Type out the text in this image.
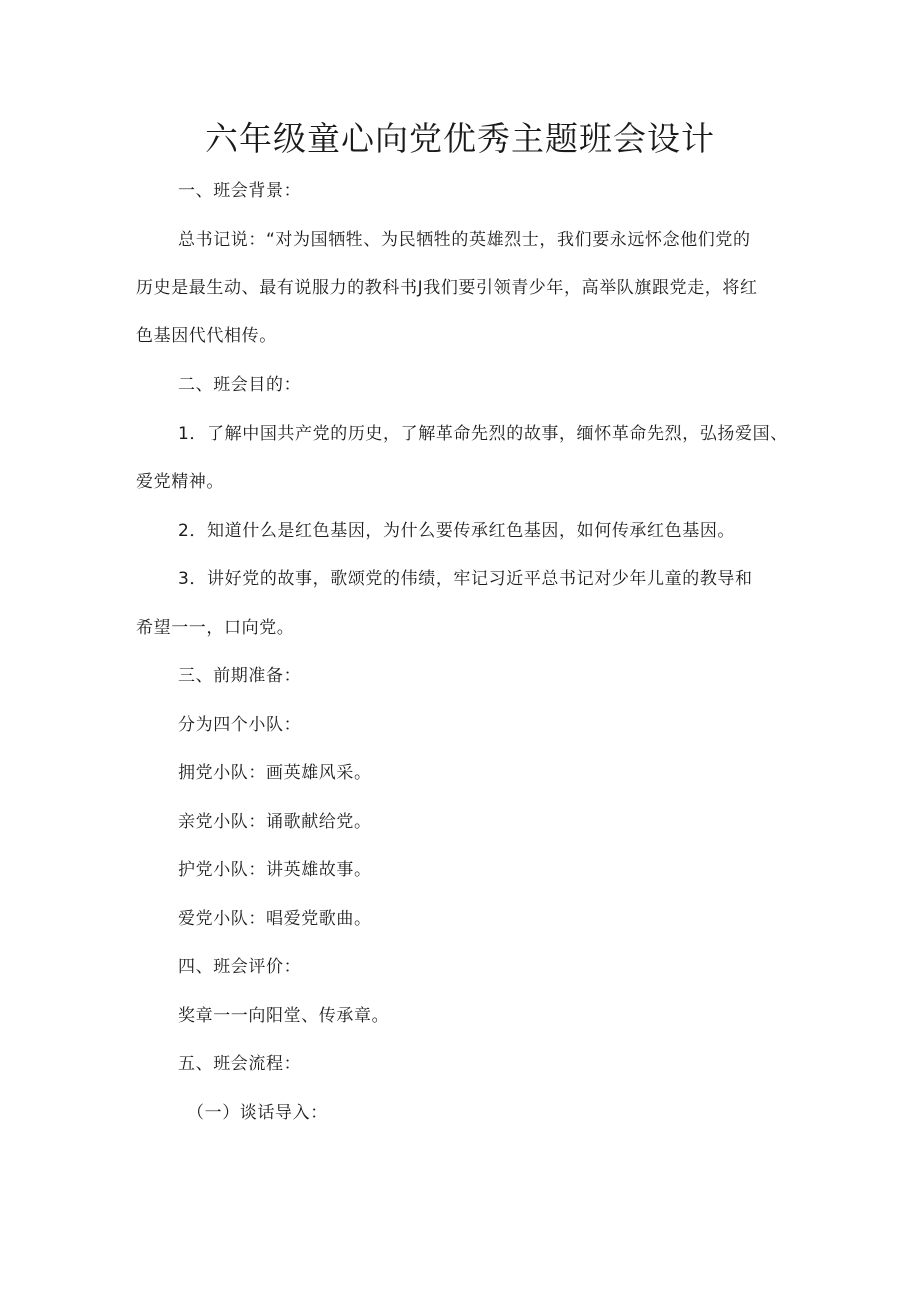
六年级童心向党优秀主题班会设计
一、班会背景：
总书记说：“对为国牺牲、为民牺牲的英雄烈士，我们要永远怀念他们党的
历史是最生动、最有说服力的教科书J我们要引领青少年，高举队旗跟党走，将红
色基因代代相传。
二、班会目的：
1．了解中国共产党的历史，了解革命先烈的故事，缅怀革命先烈，弘扬爱国、
爱党精神。
2．知道什么是红色基因，为什么要传承红色基因，如何传承红色基因。
3．讲好党的故事，歌颂党的伟绩，牢记习近平总书记对少年儿童的教导和
希望一一，口向党。
三、前期准备：
分为四个小队：
拥党小队：画英雄风采。
亲党小队：诵歌献给党。
护党小队：讲英雄故事。
爱党小队：唱爱党歌曲。
四、班会评价：
奖章一一向阳堂、传承章。
五、班会流程：
（一）谈话导入：
